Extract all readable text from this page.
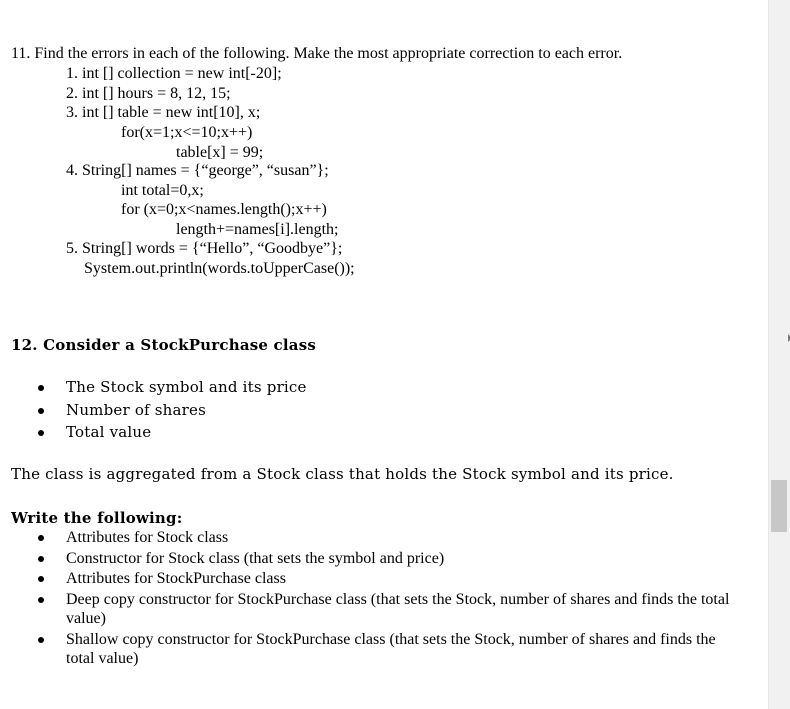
11. Find the errors in each of the following. Make the most appropriate correction to each error.
1. int [] collection = new int[-20];
2. int [] hours = 8, 12, 15;
3. int [] table = new int[10], x;
for(x=1;x<=10;x++)
table[x] = 99;
4. String[] names = {“george”, “susan”};
int total=0,x;
for (x=0;x<names.length();x++)
length+=names[i].length;
5. String[] words = {“Hello”, “Goodbye”};
System.out.println(words.toUpperCase());
12. Consider a StockPurchase class
The Stock symbol and its price
Number of shares
Total value
The class is aggregated from a Stock class that holds the Stock symbol and its price.
Write the following:
Attributes for Stock class
Constructor for Stock class (that sets the symbol and price)
Attributes for StockPurchase class
Deep copy constructor for StockPurchase class (that sets the Stock, number of shares and finds the total
value)
Shallow copy constructor for StockPurchase class (that sets the Stock, number of shares and finds the
total value)
